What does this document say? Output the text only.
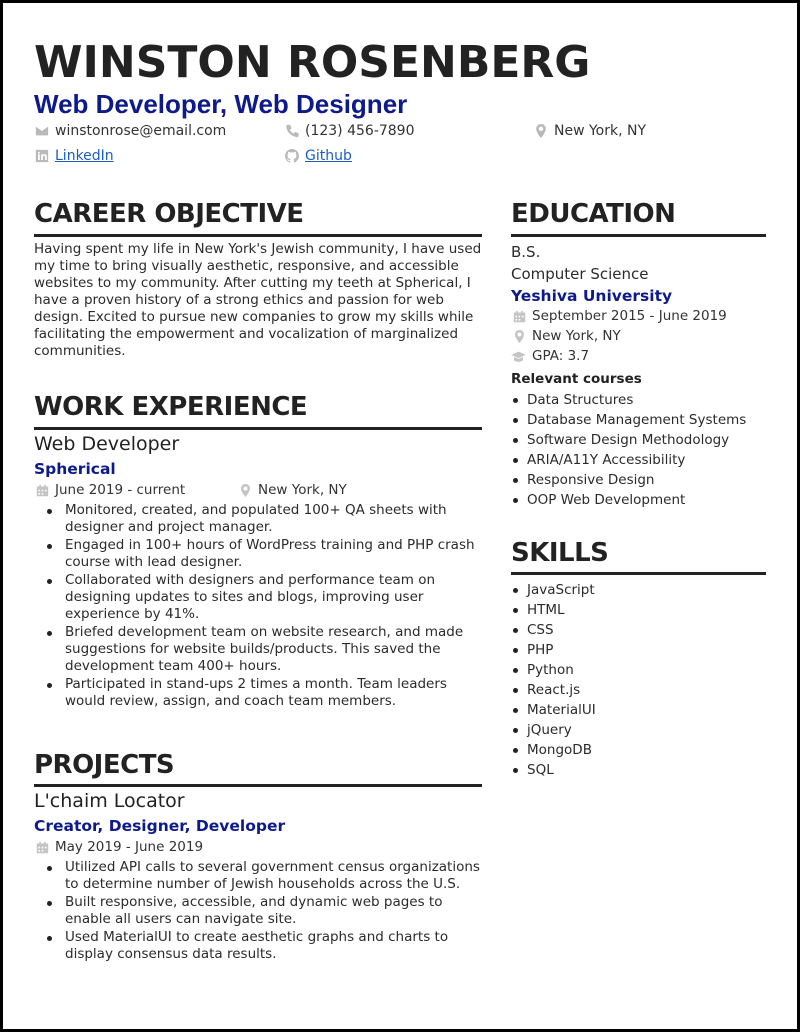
WINSTON ROSENBERG
Web Developer, Web Designer
winstonrose@email.com	(123) 456-7890	New York, NY
LinkedIn	Github
CAREER OBJECTIVE
Having spent my life in New York's Jewish community, I have used my time to bring visually aesthetic, responsive, and accessible websites to my community. After cutting my teeth at Spherical, I have a proven history of a strong ethics and passion for web design. Excited to pursue new companies to grow my skills while facilitating the empowerment and vocalization of marginalized communities.
WORK EXPERIENCE
Web Developer
Spherical
June 2019 - current	New York, NY
Monitored, created, and populated 100+ QA sheets with designer and project manager.
Engaged in 100+ hours of WordPress training and PHP crash course with lead designer.
Collaborated with designers and performance team on designing updates to sites and blogs, improving user experience by 41%.
Briefed development team on website research, and made suggestions for website builds/products. This saved the development team 400+ hours.
Participated in stand-ups 2 times a month. Team leaders would review, assign, and coach team members.
PROJECTS
L'chaim Locator
Creator, Designer, Developer
May 2019 - June 2019
Utilized API calls to several government census organizations to determine number of Jewish households across the U.S.
Built responsive, accessible, and dynamic web pages to enable all users can navigate site.
Used MaterialUI to create aesthetic graphs and charts to display consensus data results.
EDUCATION
B.S.
Computer Science
Yeshiva University
September 2015 - June 2019
New York, NY
GPA: 3.7
Relevant courses
Data Structures
Database Management Systems
Software Design Methodology
ARIA/A11Y Accessibility
Responsive Design
OOP Web Development
SKILLS
JavaScript
HTML
CSS
PHP
Python
React.js
MaterialUI
jQuery
MongoDB
SQL
